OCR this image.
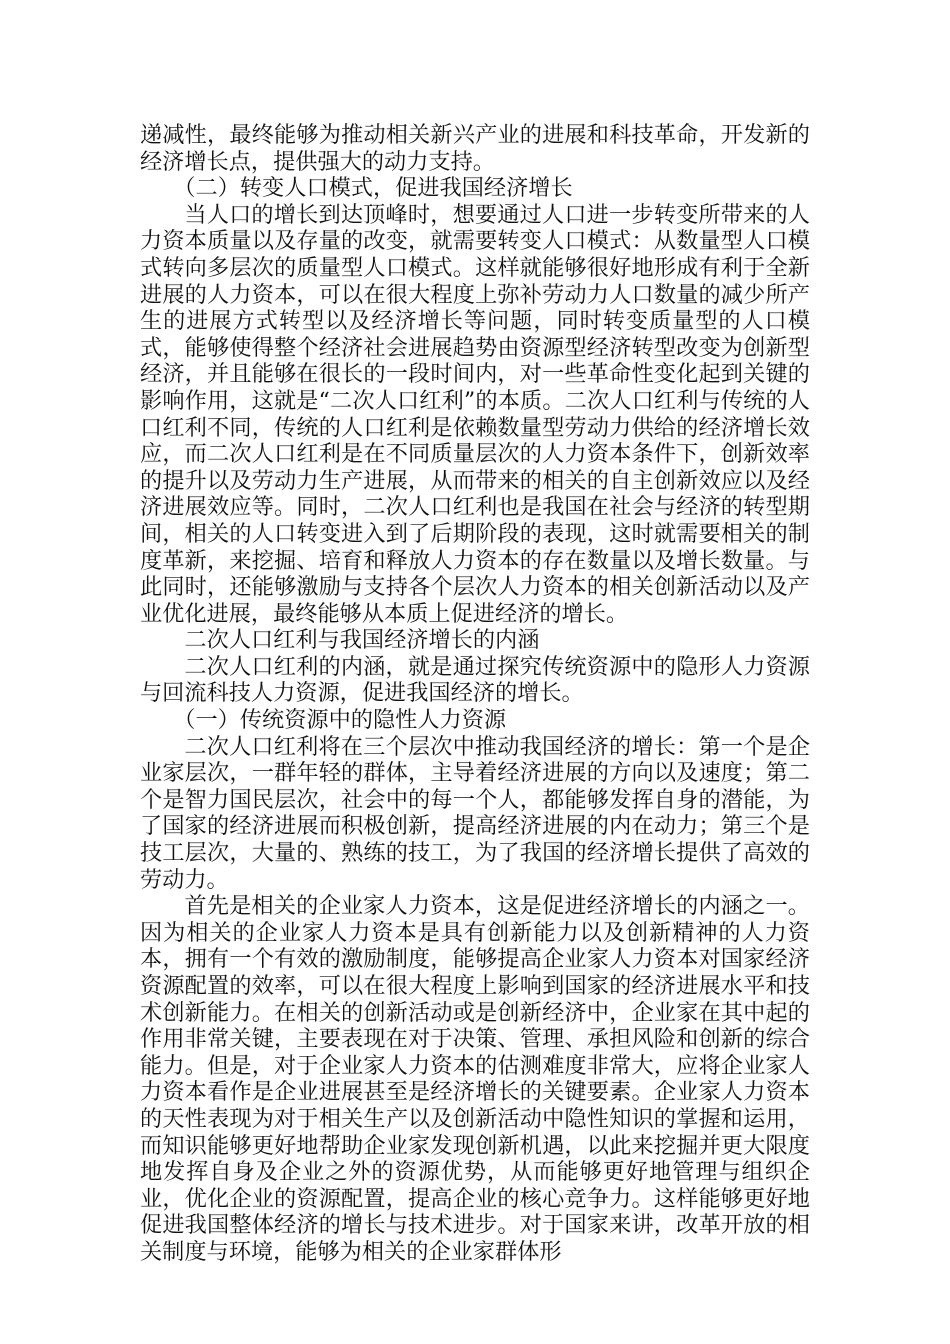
递减性，最终能够为推动相关新兴产业的进展和科技革命，开发新的经济增长点，提供强大的动力支持。

（二）转变人口模式，促进我国经济增长

当人口的增长到达顶峰时，想要通过人口进一步转变所带来的人力资本质量以及存量的改变，就需要转变人口模式：从数量型人口模式转向多层次的质量型人口模式。这样就能够很好地形成有利于全新进展的人力资本，可以在很大程度上弥补劳动力人口数量的减少所产生的进展方式转型以及经济增长等问题，同时转变质量型的人口模式，能够使得整个经济社会进展趋势由资源型经济转型改变为创新型经济，并且能够在很长的一段时间内，对一些革命性变化起到关键的影响作用，这就是“二次人口红利”的本质。二次人口红利与传统的人口红利不同，传统的人口红利是依赖数量型劳动力供给的经济增长效应，而二次人口红利是在不同质量层次的人力资本条件下，创新效率的提升以及劳动力生产进展，从而带来的相关的自主创新效应以及经济进展效应等。同时，二次人口红利也是我国在社会与经济的转型期间，相关的人口转变进入到了后期阶段的表现，这时就需要相关的制度革新，来挖掘、培育和释放人力资本的存在数量以及增长数量。与此同时，还能够激励与支持各个层次人力资本的相关创新活动以及产业优化进展，最终能够从本质上促进经济的增长。

二次人口红利与我国经济增长的内涵

二次人口红利的内涵，就是通过探究传统资源中的隐形人力资源与回流科技人力资源，促进我国经济的增长。

（一）传统资源中的隐性人力资源

二次人口红利将在三个层次中推动我国经济的增长：第一个是企业家层次，一群年轻的群体，主导着经济进展的方向以及速度；第二个是智力国民层次，社会中的每一个人，都能够发挥自身的潜能，为了国家的经济进展而积极创新，提高经济进展的内在动力；第三个是技工层次，大量的、熟练的技工，为了我国的经济增长提供了高效的劳动力。

首先是相关的企业家人力资本，这是促进经济增长的内涵之一。因为相关的企业家人力资本是具有创新能力以及创新精神的人力资本，拥有一个有效的激励制度，能够提高企业家人力资本对国家经济资源配置的效率，可以在很大程度上影响到国家的经济进展水平和技术创新能力。在相关的创新活动或是创新经济中，企业家在其中起的作用非常关键，主要表现在对于决策、管理、承担风险和创新的综合能力。但是，对于企业家人力资本的估测难度非常大，应将企业家人力资本看作是企业进展甚至是经济增长的关键要素。企业家人力资本的天性表现为对于相关生产以及创新活动中隐性知识的掌握和运用，而知识能够更好地帮助企业家发现创新机遇，以此来挖掘并更大限度地发挥自身及企业之外的资源优势，从而能够更好地管理与组织企业，优化企业的资源配置，提高企业的核心竞争力。这样能够更好地促进我国整体经济的增长与技术进步。对于国家来讲，改革开放的相关制度与环境，能够为相关的企业家群体形
